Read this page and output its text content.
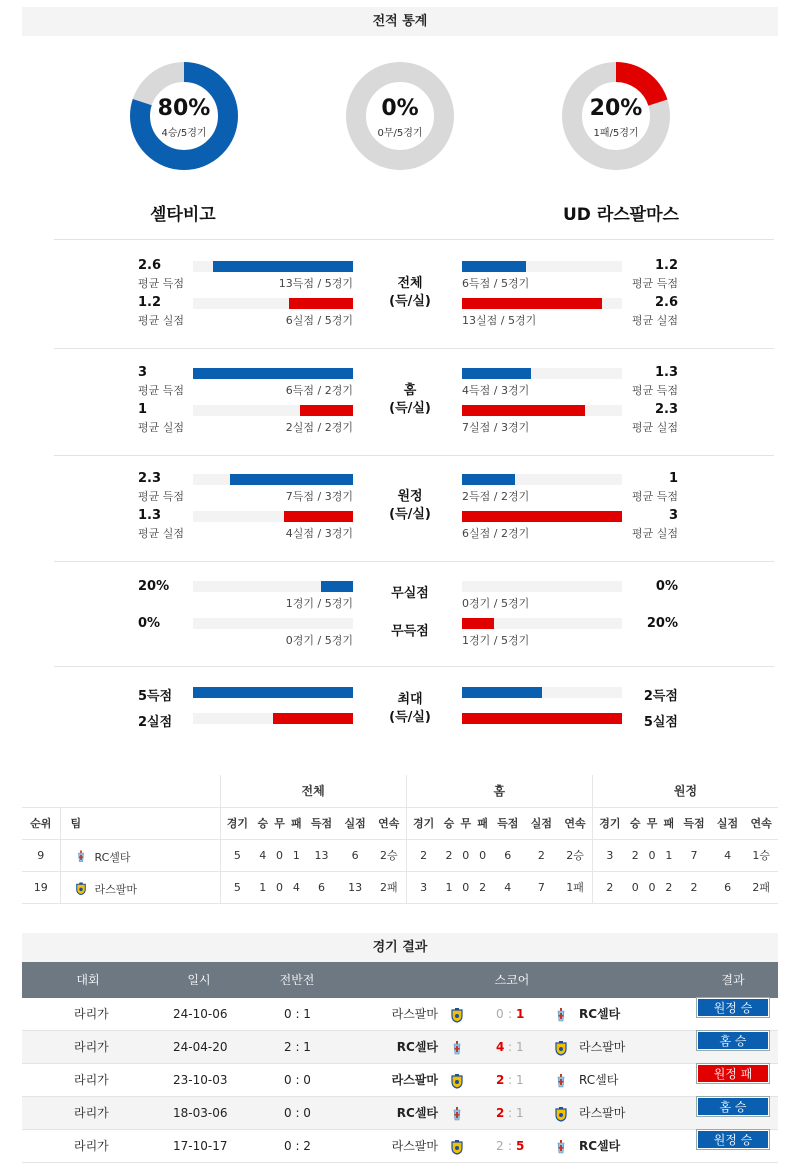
전적 통계
80%
4승/5경기
0%
0무/5경기
20%
1패/5경기
셀타비고	UD 라스팔마스
2.6
평균 득점	13득점 / 5경기
1.2
평균 득점
6득점 / 5경기
1.2
평균 실점	6실점 / 5경기
2.6
평균 실점
13실점 / 5경기
전체
(득/실)
3
평균 득점	6득점 / 2경기
1.3
평균 득점
4득점 / 3경기
1
평균 실점	2실점 / 2경기
2.3
평균 실점
7실점 / 3경기
홈
(득/실)
2.3
평균 득점	7득점 / 3경기
1
평균 득점
2득점 / 2경기
1.3
평균 실점	4실점 / 3경기
3
평균 실점
6실점 / 2경기
원정
(득/실)
20%
1경기 / 5경기
0%
0경기 / 5경기
무실점
0%
0경기 / 5경기
20%
1경기 / 5경기
무득점
5득점	2득점
2실점	5실점
최대
(득/실)
		전체							홈							원정						
순위	팀	경기	승	무	패	득점	실점	연속	경기	승	무	패	득점	실점	연속	경기	승	무	패	득점	실점	연속
9	RC셀타	5	4	0	1	13	6	2승	2	2	0	0	6	2	2승	3	2	0	1	7	4	1승
19	라스팔마	5	1	0	4	6	13	2패	3	1	0	2	4	7	1패	2	0	0	2	2	6	2패
경기 결과
대회	일시	전반전	스코어	결과
라리가	24-10-06	0 : 1	라스팔마	0 : 1	RC셀타	원정 승
라리가	24-04-20	2 : 1	RC셀타	4 : 1	라스팔마	홈 승
라리가	23-10-03	0 : 0	라스팔마	2 : 1	RC셀타	원정 패
라리가	18-03-06	0 : 0	RC셀타	2 : 1	라스팔마	홈 승
라리가	17-10-17	0 : 2	라스팔마	2 : 5	RC셀타	원정 승
